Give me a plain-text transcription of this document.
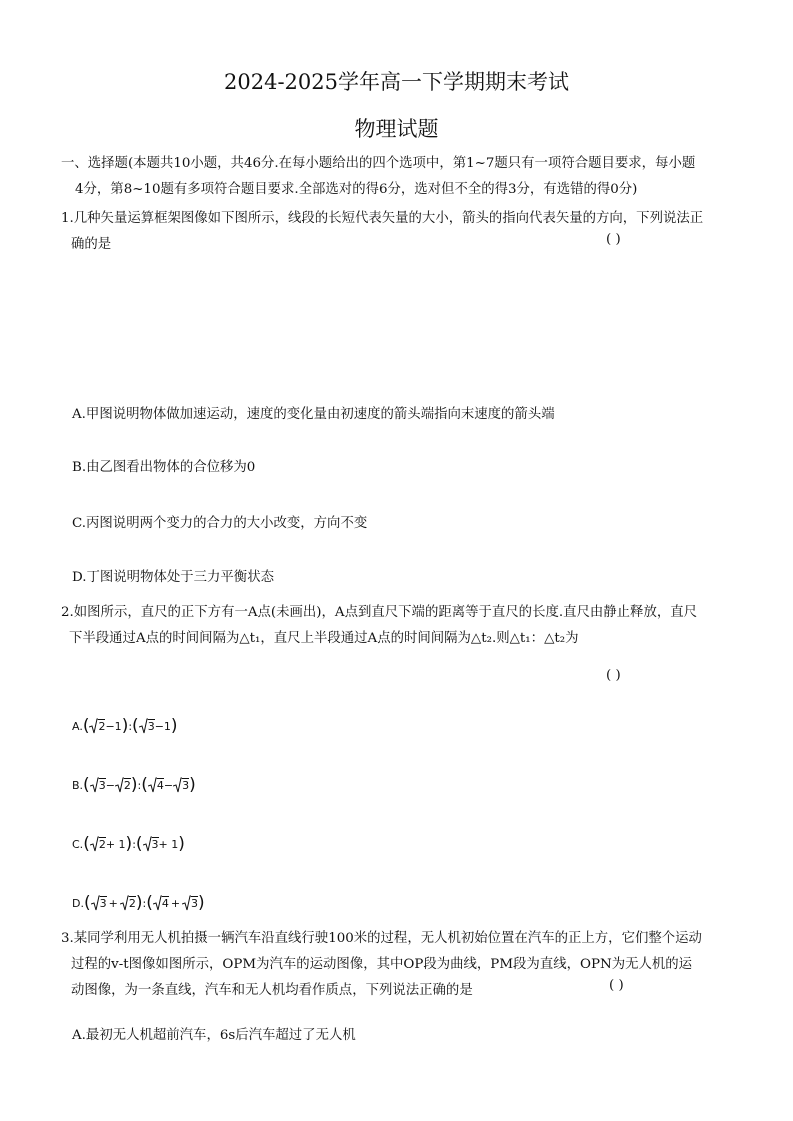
2024-2025学年高一下学期期末考试
物理试题
一、选择题(本题共10小题，共46分.在每小题给出的四个选项中，第1~7题只有一项符合题目要求，每小题
4分，第8~10题有多项符合题目要求.全部选对的得6分，选对但不全的得3分，有选错的得0分)
1.几种矢量运算框架图像如下图所示，线段的长短代表矢量的大小，箭头的指向代表矢量的方向，下列说法正
确的是	( )
A.甲图说明物体做加速运动，速度的变化量由初速度的箭头端指向末速度的箭头端
B.由乙图看出物体的合位移为0
C.丙图说明两个变力的合力的大小改变，方向不变
D.丁图说明物体处于三力平衡状态
2.如图所示，直尺的正下方有一A点(未画出)，A点到直尺下端的距离等于直尺的长度.直尺由静止释放，直尺
下半段通过A点的时间间隔为△t₁，直尺上半段通过A点的时间间隔为△t₂.则△t₁：△t₂为
( )
A. ( 2 −1 ) : ( 3 −1 )
B. ( 3 − 2 ) : ( 4 − 3 )
C. ( 2 + 1 ) : ( 3 + 1 )
D. ( 3 + 2 ) : ( 4 + 3 )
3.某同学利用无人机拍摄一辆汽车沿直线行驶100米的过程，无人机初始位置在汽车的正上方，它们整个运动
过程的v-t图像如图所示，OPM为汽车的运动图像，其中OP段为曲线，PM段为直线，OPN为无人机的运
动图像，为一条直线，汽车和无人机均看作质点，下列说法正确的是	( )
A.最初无人机超前汽车，6s后汽车超过了无人机
